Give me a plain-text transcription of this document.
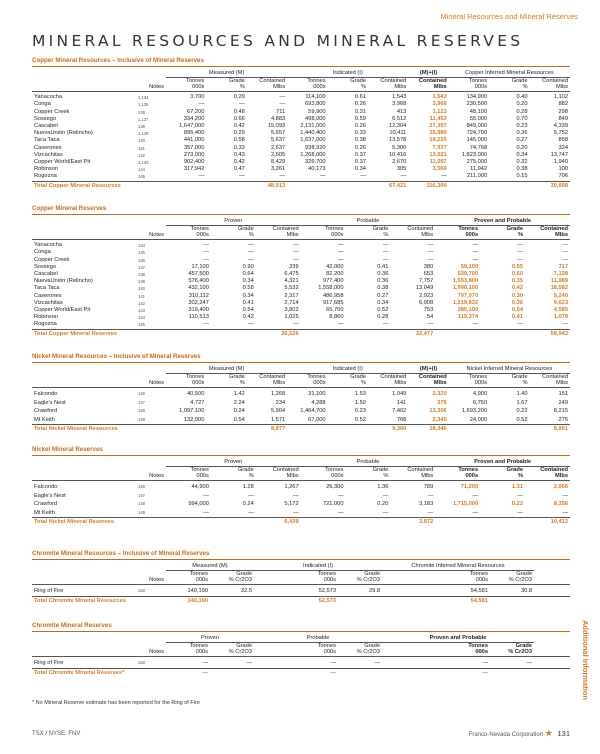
Mineral Resources and Mineral Reserves
MINERAL RESOURCES AND MINERAL RESERVES
Copper Mineral Resources – Inclusive of Mineral Reserves
		Measured (M)			Indicated (I)			(M)+(I)	Copper Inferred Mineral Resources		
		Tonnes	Grade	Contained	Tonnes	Grade	Contained	Contained	Tonnes	Grade	Contained
	Notes	000s	%	Mlbs	000s	%	Mlbs	Mlbs	000s	%	Mlbs
Yanacocha	1,134	3,700	0.29	—	114,100	0.61	1,543	1,543	134,900	0.40	1,102
Conga	1,135	—	—	—	693,800	0.26	3,968	3,968	230,500	0.20	882
Copper Creek	136	67,200	0.48	711	59,900	0.31	413	1,123	48,100	0.28	298
Sossego	1,137	334,200	0.66	4,883	498,000	0.59	6,512	11,453	55,000	0.70	849
Cascabel	138	1,647,000	0.42	15,093	2,131,000	0.26	12,304	27,397	849,000	0.23	4,339
NuevaUnión (Relincho)	1,139	895,400	0.29	5,657	1,440,400	0.33	10,411	15,980	724,700	0.36	5,752
Taca Taca	140	441,000	0.58	5,637	1,637,000	0.38	13,578	19,215	145,000	0.27	858
Caserones	141	357,000	0.33	2,637	938,920	0.26	5,300	7,937	74,768	0.20	324
Vizcachitas	142	273,000	0.43	2,605	1,268,000	0.37	10,416	13,021	1,823,000	0.34	13,747
Copper World/East Pit	1,143	902,400	0.42	8,429	326,700	0.37	2,670	11,097	275,000	0.32	1,940
Robinson	144	317,942	0.47	3,261	40,173	0.34	305	3,566	11,942	0.38	100
Rogozna	145	—	—	—	—	—	—	—	211,000	0.15	706
Total Copper Mineral Resources				48,913			67,421	116,300			30,898
Copper Mineral Reserves
		Proven			Probable			Proven and Probable		
		Tonnes	Grade	Contained	Tonnes	Grade	Contained	Tonnes	Grade	Contained
	Notes	000s	%	Mlbs	000s	%	Mlbs	000s	%	Mlbs
Yanacocha	134	—	—	—	—	—	—	—	—	—
Conga	135	—	—	—	—	—	—	—	—	—
Copper Creek	136	—	—	—	—	—	—	—	—	—
Sossego	137	17,100	0.90	339	42,000	0.41	380	59,100	0.55	717
Cascabel	138	457,500	0.64	6,475	82,200	0.36	653	539,700	0.60	7,128
NuevaUnión (Relincho)	139	576,400	0.34	4,321	977,400	0.36	7,757	1,553,800	0.35	11,989
Taca Taca	140	432,100	0.58	5,532	1,558,000	0.38	13,049	1,990,100	0.42	18,582
Caserones	141	310,112	0.34	2,317	486,958	0.27	2,923	797,070	0.30	5,240
Vizcachitas	142	302,247	0.41	2,714	917,685	0.34	6,908	1,219,932	0.36	9,623
Copper World/East Pit	143	319,400	0.54	3,802	65,700	0.52	753	385,100	0.54	4,585
Robinson	144	110,513	0.42	1,025	8,860	0.28	54	119,374	0.41	1,079
Rogozna	145	—	—	—	—	—	—	—	—	—
Total Copper Mineral Reserves				26,526			32,477			58,942
Nickel Mineral Resources – Inclusive of Mineral Reserves
		Measured (M)			Indicated (I)			(M)+(I)	Nickel Inferred Mineral Resources		
		Tonnes	Grade	Contained	Tonnes	Grade	Contained	Contained	Tonnes	Grade	Contained
	Notes	000s	%	Mlbs	000s	%	Mlbs	Mlbs	000s	%	Mlbs
Falcondo	146	40,500	1.42	1,268	31,100	1.53	1,049	2,320	4,900	1.40	151
Eagle's Nest	147	4,727	2.24	234	4,288	1.50	141	375	6,750	1.67	249
Crawford	148	1,097,100	0.24	5,904	1,464,700	0.23	7,402	13,306	1,693,200	0.22	8,215
Mt Keith	149	132,000	0.54	1,571	67,000	0.52	768	2,340	24,000	0.52	275
Total Nickel Mineral Resources				8,977			9,360	18,340			8,891
Nickel Mineral Reserves
		Proven			Probable			Proven and Probable		
		Tonnes	Grade	Contained	Tonnes	Grade	Contained	Tonnes	Grade	Contained
	Notes	000s	%	Mlbs	000s	%	Mlbs	000s	%	Mlbs
Falcondo	146	44,900	1.28	1,267	26,300	1.36	789	71,200	1.31	2,056
Eagle's Nest	147	—	—	—	—	—	—	—	—	—
Crawford	148	994,000	0.24	5,172	721,000	0.20	3,183	1,715,000	0.22	8,356
Mt Keith	149	—	—	—	—	—	—	—	—	—
Total Nickel Mineral Reserves				6,439			3,972			10,412
Chromite Mineral Resources – Inclusive of Mineral Reserves
		Measured (M)		Indicated (I)		Chromite Inferred Mineral Resources		
		Tonnes	Grade	Tonnes	Grade	Tonnes	Grade	
	Notes	000s	% Cr2O3	000s	% Cr2O3	000s	% Cr2O3	
Ring of Fire	150	140,190	32.5	52,573	29.8	54,581	30.8	
Total Chromite Mineral Resources		140,190		52,573		54,581		
Chromite Mineral Reserves
		Proven		Probable		Proven and Probable		
		Tonnes	Grade	Tonnes	Grade	Tonnes	Grade	
	Notes	000s	% Cr2O3	000s	% Cr2O3	000s	% Cr2O3	
Ring of Fire	150	—	—	—	—	—	—	
Total Chromite Mineral Reserves*		—		—		—		
* No Mineral Reserve estimate has been reported for the Ring of Fire
Additional Information
TSX / NYSE: FNV	Franco-Nevada Corporation ★ 131
